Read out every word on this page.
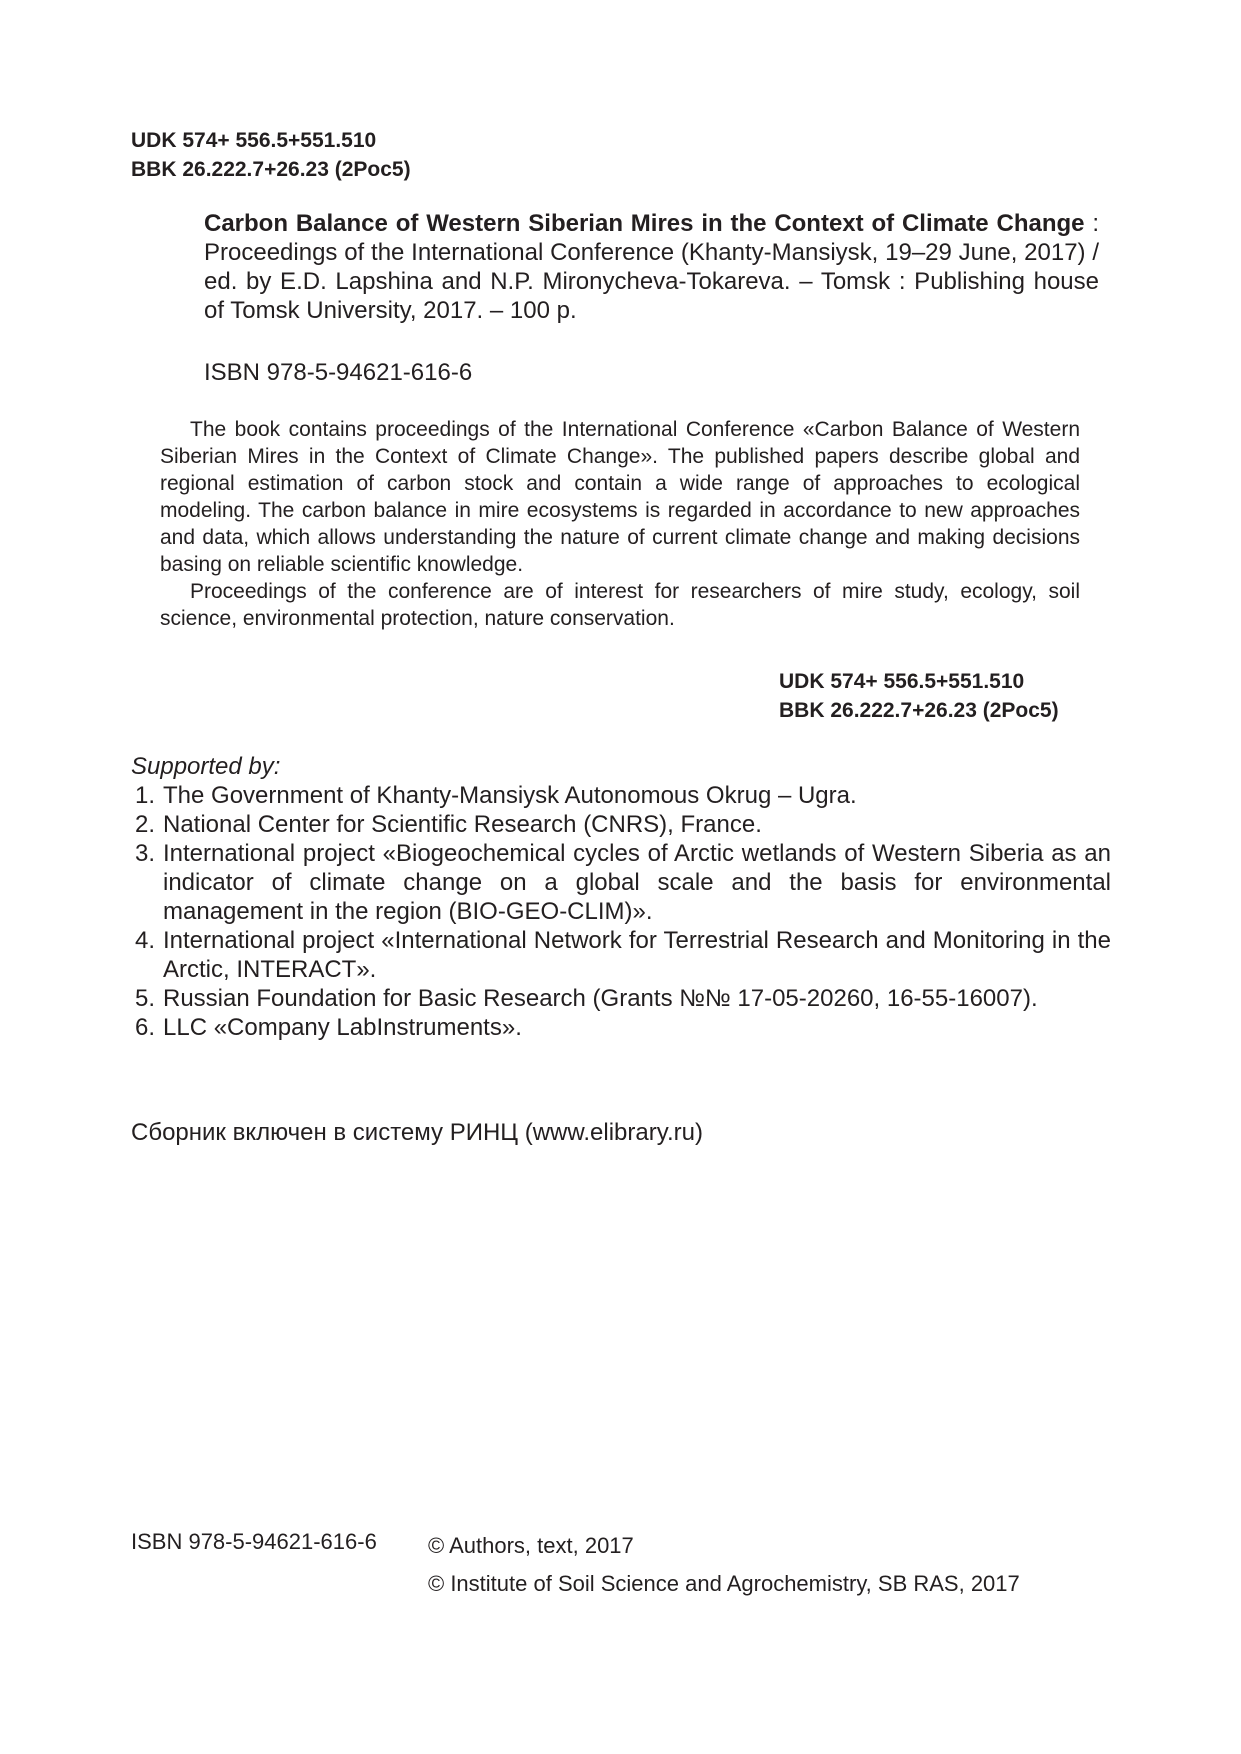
UDK 574+ 556.5+551.510
BBK 26.222.7+26.23 (2Poc5)
Carbon Balance of Western Siberian Mires in the Context of Climate Change : Proceedings of the International Conference (Khanty-Mansiysk, 19–29 June, 2017) / ed. by E.D. Lapshina and N.P. Mironycheva-Tokareva. – Tomsk : Publishing house of Tomsk University, 2017. – 100 p.
ISBN 978-5-94621-616-6

The book contains proceedings of the International Conference «Carbon Balance of Western Siberian Mires in the Context of Climate Change». The published papers describe global and regional estimation of carbon stock and contain a wide range of approaches to ecological modeling. The carbon balance in mire ecosystems is regarded in accordance to new approaches and data, which allows understanding the nature of current climate change and making decisions basing on reliable scientific knowledge.

Proceedings of the conference are of interest for researchers of mire study, ecology, soil science, environmental protection, nature conservation.

UDK 574+ 556.5+551.510
BBK 26.222.7+26.23 (2Poc5)
Supported by:
1. The Government of Khanty-Mansiysk Autonomous Okrug – Ugra.
2. National Center for Scientific Research (CNRS), France.
3. International project «Biogeochemical cycles of Arctic wetlands of Western Siberia as an indicator of climate change on a global scale and the basis for environmental management in the region (BIO-GEO-CLIM)».
4. International project «International Network for Terrestrial Research and Monitoring in the Arctic, INTERACT».
5. Russian Foundation for Basic Research (Grants №№ 17-05-20260, 16-55-16007).
6. LLC «Company LabInstruments».
Сборник включен в систему РИНЦ (www.elibrary.ru)
ISBN 978-5-94621-616-6 © Authors, text, 2017
© Institute of Soil Science and Agrochemistry, SB RAS, 2017
